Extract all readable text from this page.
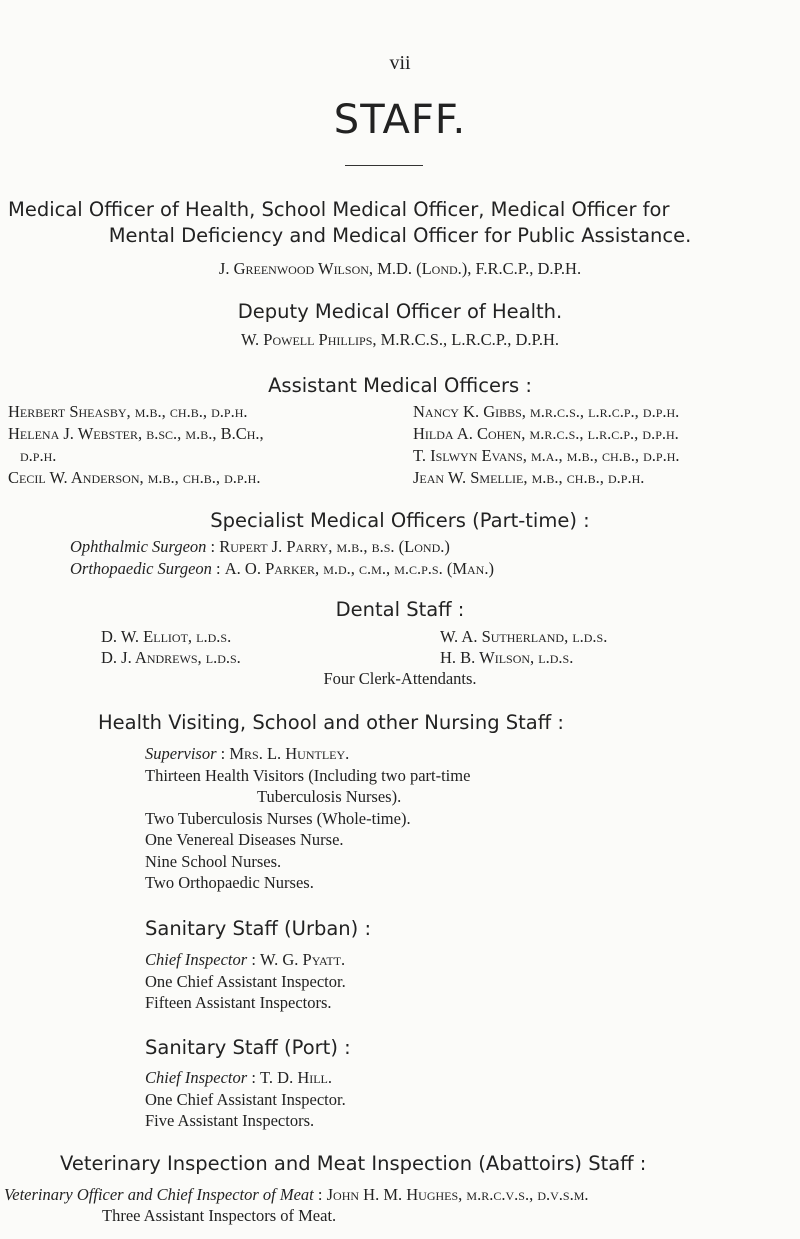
vii
STAFF.
Medical Officer of Health, School Medical Officer, Medical Officer for
Mental Deficiency and Medical Officer for Public Assistance.
J. Greenwood Wilson, M.D. (Lond.), F.R.C.P., D.P.H.
Deputy Medical Officer of Health.
W. Powell Phillips, M.R.C.S., L.R.C.P., D.P.H.
Assistant Medical Officers :
Herbert Sheasby, m.b., ch.b., d.p.h.
Helena J. Webster, b.sc., m.b., B.Ch.,
d.p.h.
Cecil W. Anderson, m.b., ch.b., d.p.h.
Nancy K. Gibbs, m.r.c.s., l.r.c.p., d.p.h.
Hilda A. Cohen, m.r.c.s., l.r.c.p., d.p.h.
T. Islwyn Evans, m.a., m.b., ch.b., d.p.h.
Jean W. Smellie, m.b., ch.b., d.p.h.
Specialist Medical Officers (Part-time) :
Ophthalmic Surgeon : Rupert J. Parry, m.b., b.s. (Lond.)
Orthopaedic Surgeon : A. O. Parker, m.d., c.m., m.c.p.s. (Man.)
Dental Staff :
D. W. Elliot, l.d.s.
D. J. Andrews, l.d.s.
W. A. Sutherland, l.d.s.
H. B. Wilson, l.d.s.
Four Clerk-Attendants.
Health Visiting, School and other Nursing Staff :
Supervisor : Mrs. L. Huntley.
Thirteen Health Visitors (Including two part-time
Tuberculosis Nurses).
Two Tuberculosis Nurses (Whole-time).
One Venereal Diseases Nurse.
Nine School Nurses.
Two Orthopaedic Nurses.
Sanitary Staff (Urban) :
Chief Inspector : W. G. Pyatt.
One Chief Assistant Inspector.
Fifteen Assistant Inspectors.
Sanitary Staff (Port) :
Chief Inspector : T. D. Hill.
One Chief Assistant Inspector.
Five Assistant Inspectors.
Veterinary Inspection and Meat Inspection (Abattoirs) Staff :
Veterinary Officer and Chief Inspector of Meat : John H. M. Hughes, m.r.c.v.s., d.v.s.m.
Three Assistant Inspectors of Meat.
